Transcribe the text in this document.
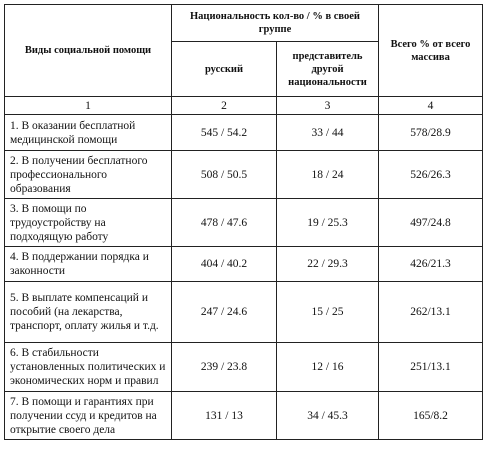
Виды социальной помощи	Национальность кол-во / % в своей группе		Всего % от всего массива
	русский	представитель другой национальности	
1	2	3	4
1. В оказании бесплатной медицинской помощи	545 / 54.2	33 / 44	578/28.9
2. В получении бесплатного профессионального образования	508 / 50.5	18 / 24	526/26.3
3. В помощи по трудоустройству на подходящую работу	478 / 47.6	19 / 25.3	497/24.8
4. В поддержании порядка и законности	404 / 40.2	22 / 29.3	426/21.3
5. В выплате компенсаций и пособий (на лекарства, транспорт, оплату жилья и т.д.	247 / 24.6	15 / 25	262/13.1
6. В стабильности установленных политических и экономических норм и правил	239 / 23.8	12 / 16	251/13.1
7. В помощи и гарантиях при получении ссуд и кредитов на открытие своего дела	131 / 13	34 / 45.3	165/8.2
